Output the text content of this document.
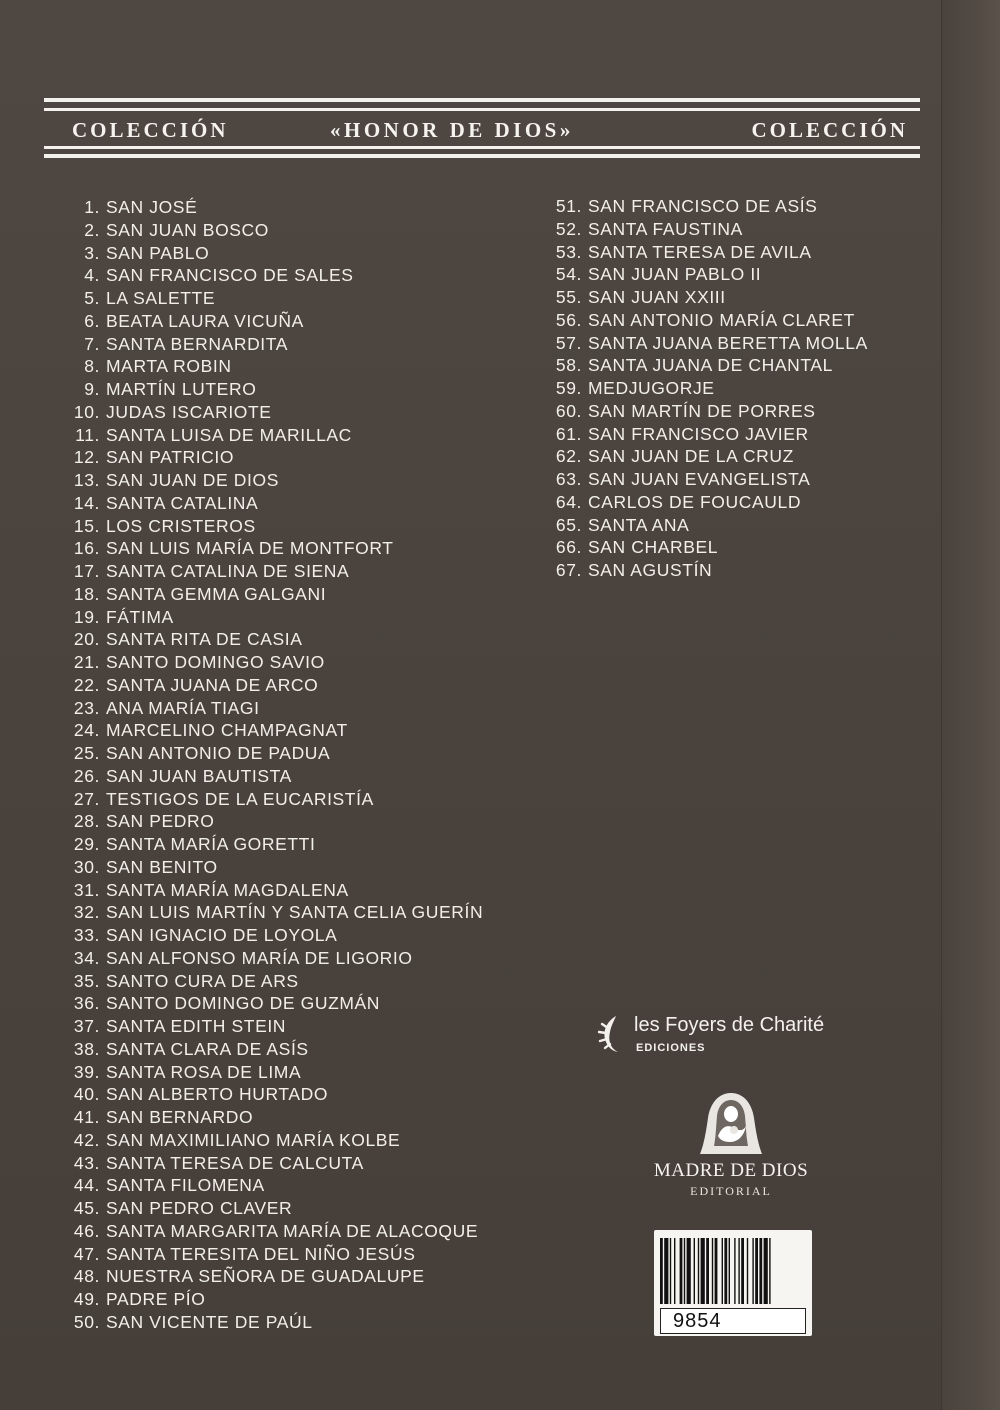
COLECCIÓN	«HONOR DE DIOS»	COLECCIÓN
1. SAN JOSÉ
2. SAN JUAN BOSCO
3. SAN PABLO
4. SAN FRANCISCO DE SALES
5. LA SALETTE
6. BEATA LAURA VICUÑA
7. SANTA BERNARDITA
8. MARTA ROBIN
9. MARTÍN LUTERO
10. JUDAS ISCARIOTE
11. SANTA LUISA DE MARILLAC
12. SAN PATRICIO
13. SAN JUAN DE DIOS
14. SANTA CATALINA
15. LOS CRISTEROS
16. SAN LUIS MARÍA DE MONTFORT
17. SANTA CATALINA DE SIENA
18. SANTA GEMMA GALGANI
19. FÁTIMA
20. SANTA RITA DE CASIA
21. SANTO DOMINGO SAVIO
22. SANTA JUANA DE ARCO
23. ANA MARÍA TIAGI
24. MARCELINO CHAMPAGNAT
25. SAN ANTONIO DE PADUA
26. SAN JUAN BAUTISTA
27. TESTIGOS DE LA EUCARISTÍA
28. SAN PEDRO
29. SANTA MARÍA GORETTI
30. SAN BENITO
31. SANTA MARÍA MAGDALENA
32. SAN LUIS MARTÍN Y SANTA CELIA GUERÍN
33. SAN IGNACIO DE LOYOLA
34. SAN ALFONSO MARÍA DE LIGORIO
35. SANTO CURA DE ARS
36. SANTO DOMINGO DE GUZMÁN
37. SANTA EDITH STEIN
38. SANTA CLARA DE ASÍS
39. SANTA ROSA DE LIMA
40. SAN ALBERTO HURTADO
41. SAN BERNARDO
42. SAN MAXIMILIANO MARÍA KOLBE
43. SANTA TERESA DE CALCUTA
44. SANTA FILOMENA
45. SAN PEDRO CLAVER
46. SANTA MARGARITA MARÍA DE ALACOQUE
47. SANTA TERESITA DEL NIÑO JESÚS
48. NUESTRA SEÑORA DE GUADALUPE
49. PADRE PÍO
50. SAN VICENTE DE PAÚL
51. SAN FRANCISCO DE ASÍS
52. SANTA FAUSTINA
53. SANTA TERESA DE AVILA
54. SAN JUAN PABLO II
55. SAN JUAN XXIII
56. SAN ANTONIO MARÍA CLARET
57. SANTA JUANA BERETTA MOLLA
58. SANTA JUANA DE CHANTAL
59. MEDJUGORJE
60. SAN MARTÍN DE PORRES
61. SAN FRANCISCO JAVIER
62. SAN JUAN DE LA CRUZ
63. SAN JUAN EVANGELISTA
64. CARLOS DE FOUCAULD
65. SANTA ANA
66. SAN CHARBEL
67. SAN AGUSTÍN
les Foyers de Charité
EDICIONES
MADRE DE DIOS
EDITORIAL
9854
